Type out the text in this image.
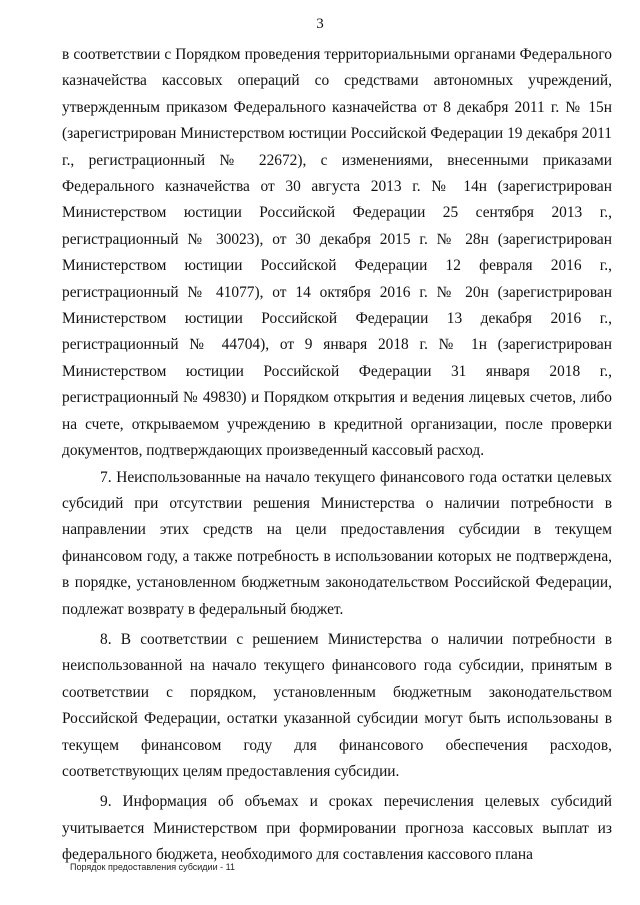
3

в соответствии с Порядком проведения территориальными органами Федерального казначейства кассовых операций со средствами автономных учреждений, утвержденным приказом Федерального казначейства от 8 декабря 2011 г. № 15н (зарегистрирован Министерством юстиции Российской Федерации 19 декабря 2011 г., регистрационный № 22672), с изменениями, внесенными приказами Федерального казначейства от 30 августа 2013 г. № 14н (зарегистрирован Министерством юстиции Российской Федерации 25 сентября 2013 г., регистрационный № 30023), от 30 декабря 2015 г. № 28н (зарегистрирован Министерством юстиции Российской Федерации 12 февраля 2016 г., регистрационный № 41077), от 14 октября 2016 г. № 20н (зарегистрирован Министерством юстиции Российской Федерации 13 декабря 2016 г., регистрационный № 44704), от 9 января 2018 г. № 1н (зарегистрирован Министерством юстиции Российской Федерации 31 января 2018 г., регистрационный № 49830) и Порядком открытия и ведения лицевых счетов, либо на счете, открываемом учреждению в кредитной организации, после проверки документов, подтверждающих произведенный кассовый расход.

7. Неиспользованные на начало текущего финансового года остатки целевых субсидий при отсутствии решения Министерства о наличии потребности в направлении этих средств на цели предоставления субсидии в текущем финансовом году, а также потребность в использовании которых не подтверждена, в порядке, установленном бюджетным законодательством Российской Федерации, подлежат возврату в федеральный бюджет.

8. В соответствии с решением Министерства о наличии потребности в неиспользованной на начало текущего финансового года субсидии, принятым в соответствии с порядком, установленным бюджетным законодательством Российской Федерации, остатки указанной субсидии могут быть использованы в текущем финансовом году для финансового обеспечения расходов, соответствующих целям предоставления субсидии.

9. Информация об объемах и сроках перечисления целевых субсидий учитывается Министерством при формировании прогноза кассовых выплат из федерального бюджета, необходимого для составления кассового плана

Порядок предоставления субсидии - 11
